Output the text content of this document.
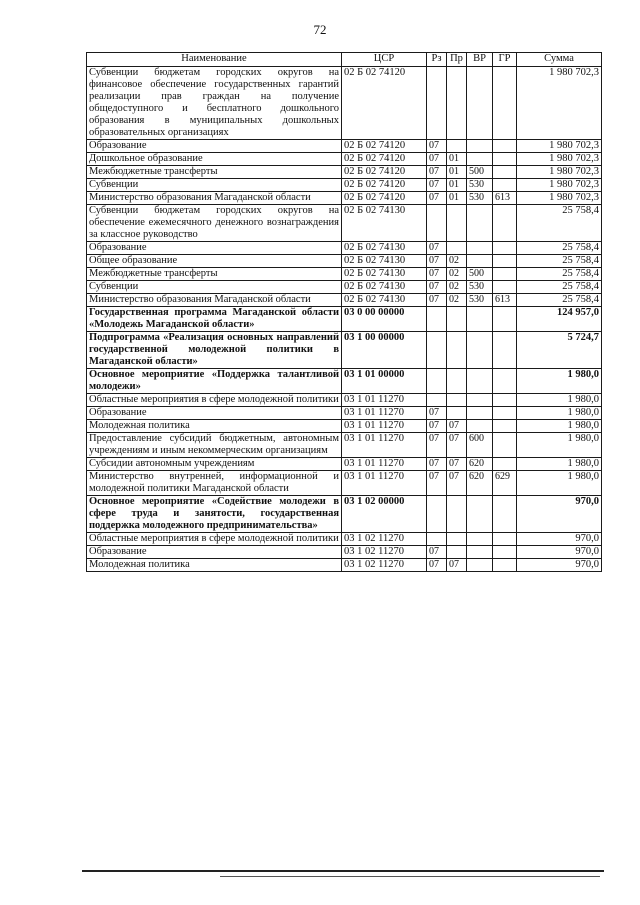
72
Наименование	ЦСР	Рз	Пр	ВР	ГР	Сумма
Субвенции бюджетам городских округов на финансовое обеспечение государственных гарантий реализации прав граждан на получение общедоступного и бесплатного дошкольного образования в муниципальных дошкольных образовательных организациях	02 Б 02 74120					1 980 702,3
Образование	02 Б 02 74120	07				1 980 702,3
Дошкольное образование	02 Б 02 74120	07	01			1 980 702,3
Межбюджетные трансферты	02 Б 02 74120	07	01	500		1 980 702,3
Субвенции	02 Б 02 74120	07	01	530		1 980 702,3
Министерство образования Магаданской области	02 Б 02 74120	07	01	530	613	1 980 702,3
Субвенции бюджетам городских округов на обеспечение ежемесячного денежного вознаграждения за классное руководство	02 Б 02 74130					25 758,4
Образование	02 Б 02 74130	07				25 758,4
Общее образование	02 Б 02 74130	07	02			25 758,4
Межбюджетные трансферты	02 Б 02 74130	07	02	500		25 758,4
Субвенции	02 Б 02 74130	07	02	530		25 758,4
Министерство образования Магаданской области	02 Б 02 74130	07	02	530	613	25 758,4
Государственная программа Магаданской области «Молодежь Магаданской области»	03 0 00 00000					124 957,0
Подпрограмма «Реализация основных направлений государственной молодежной политики в Магаданской области»	03 1 00 00000					5 724,7
Основное мероприятие «Поддержка талантливой молодежи»	03 1 01 00000					1 980,0
Областные мероприятия в сфере молодежной политики	03 1 01 11270					1 980,0
Образование	03 1 01 11270	07				1 980,0
Молодежная политика	03 1 01 11270	07	07			1 980,0
Предоставление субсидий бюджетным, автономным учреждениям и иным некоммерческим организациям	03 1 01 11270	07	07	600		1 980,0
Субсидии автономным учреждениям	03 1 01 11270	07	07	620		1 980,0
Министерство внутренней, информационной и молодежной политики Магаданской области	03 1 01 11270	07	07	620	629	1 980,0
Основное мероприятие «Содействие молодежи в сфере труда и занятости, государственная поддержка молодежного предпринимательства»	03 1 02 00000					970,0
Областные мероприятия в сфере молодежной политики	03 1 02 11270					970,0
Образование	03 1 02 11270	07				970,0
Молодежная политика	03 1 02 11270	07	07			970,0
